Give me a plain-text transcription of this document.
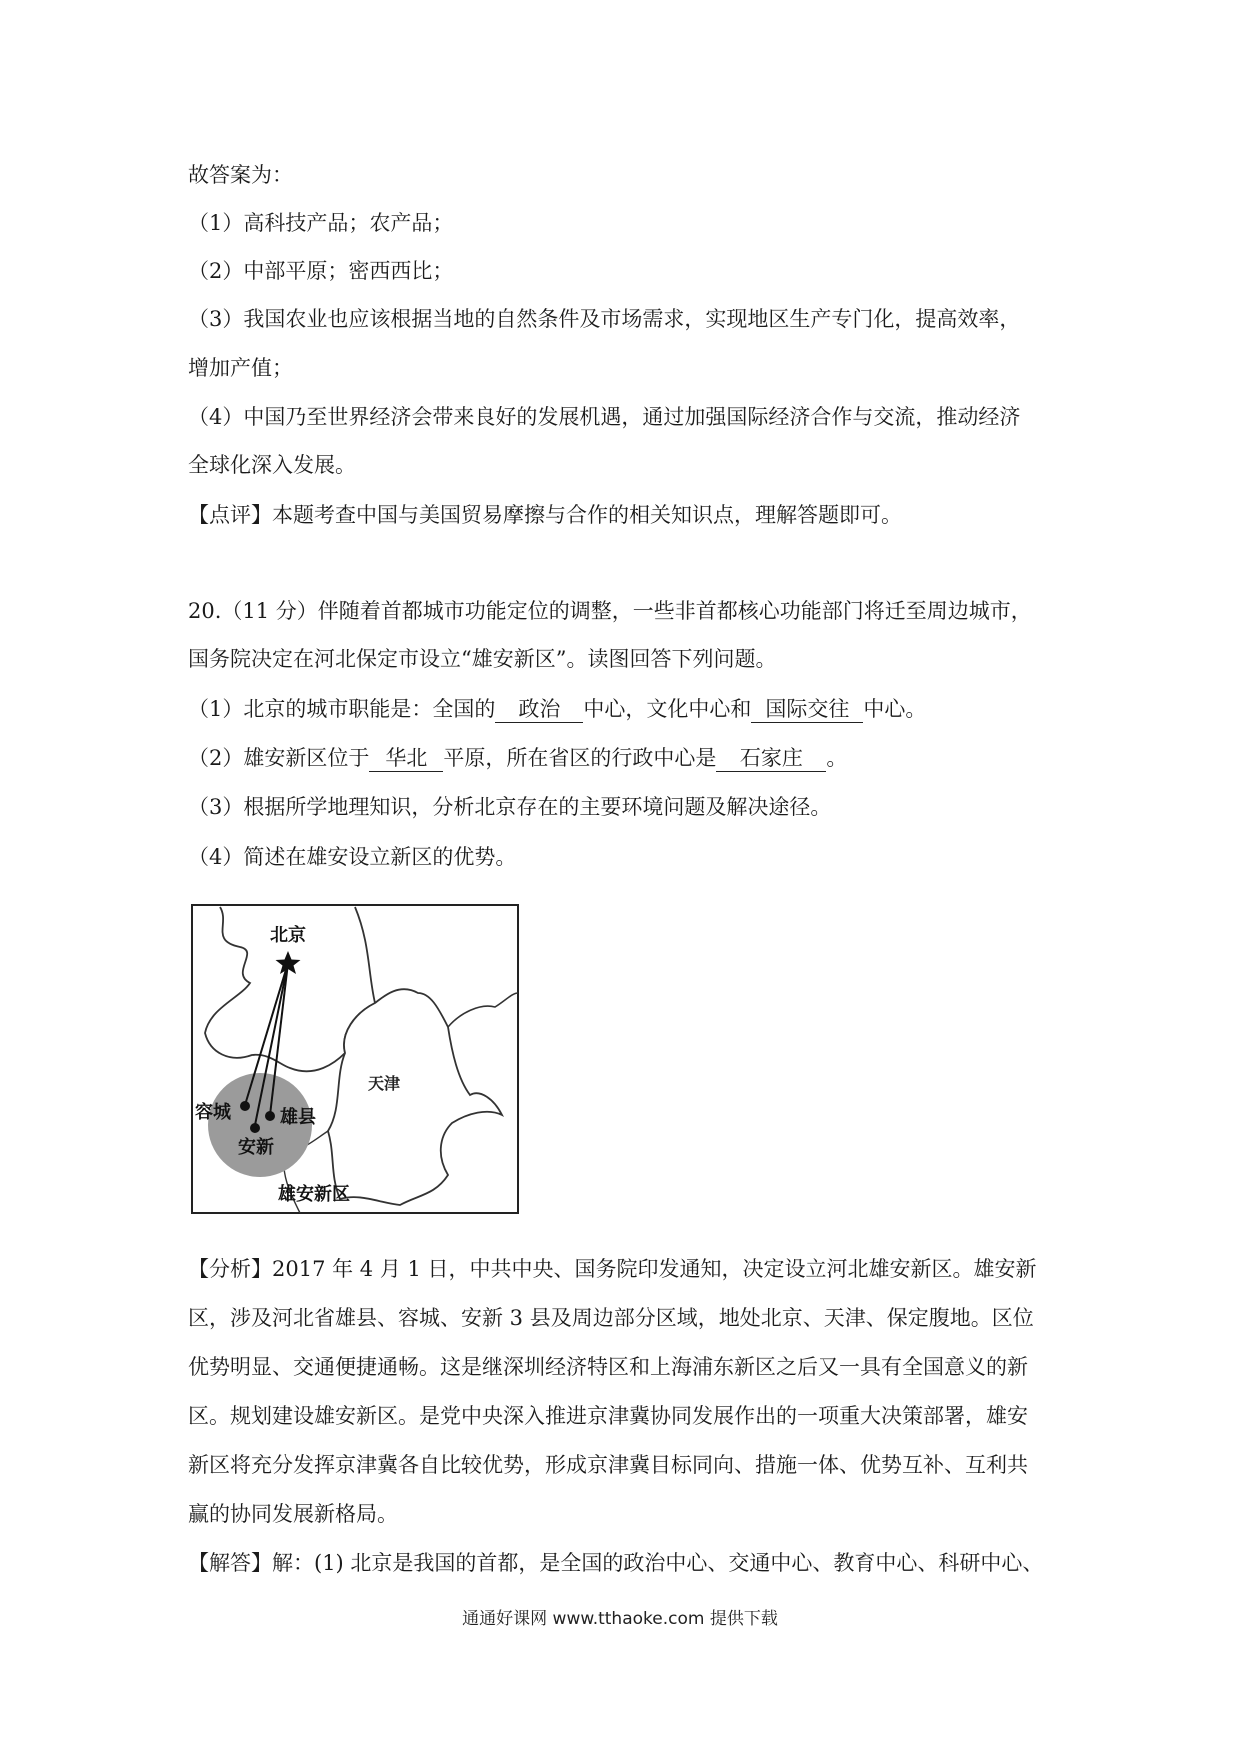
故答案为：
（1）高科技产品；农产品；
（2）中部平原；密西西比；
（3）我国农业也应该根据当地的自然条件及市场需求，实现地区生产专门化，提高效率，
增加产值；
（4）中国乃至世界经济会带来良好的发展机遇，通过加强国际经济合作与交流，推动经济
全球化深入发展。
【点评】本题考查中国与美国贸易摩擦与合作的相关知识点，理解答题即可。
20.（11 分）伴随着首都城市功能定位的调整，一些非首都核心功能部门将迁至周边城市，
国务院决定在河北保定市设立“雄安新区”。读图回答下列问题。
（1）北京的城市职能是：全国的 政治 中心，文化中心和 国际交往 中心。
（2）雄安新区位于 华北 平原，所在省区的行政中心是 石家庄 。
（3）根据所学地理知识，分析北京存在的主要环境问题及解决途径。
（4）简述在雄安设立新区的优势。
北京
天津
容城	雄县
安新
雄安新区
【分析】2017 年 4 月 1 日，中共中央、国务院印发通知，决定设立河北雄安新区。雄安新
区，涉及河北省雄县、容城、安新 3 县及周边部分区域，地处北京、天津、保定腹地。区位
优势明显、交通便捷通畅。这是继深圳经济特区和上海浦东新区之后又一具有全国意义的新
区。规划建设雄安新区。是党中央深入推进京津冀协同发展作出的一项重大决策部署，雄安
新区将充分发挥京津冀各自比较优势，形成京津冀目标同向、措施一体、优势互补、互利共
赢的协同发展新格局。
【解答】解：(1) 北京是我国的首都，是全国的政治中心、交通中心、教育中心、科研中心、
通通好课网 www.tthaoke.com 提供下载
